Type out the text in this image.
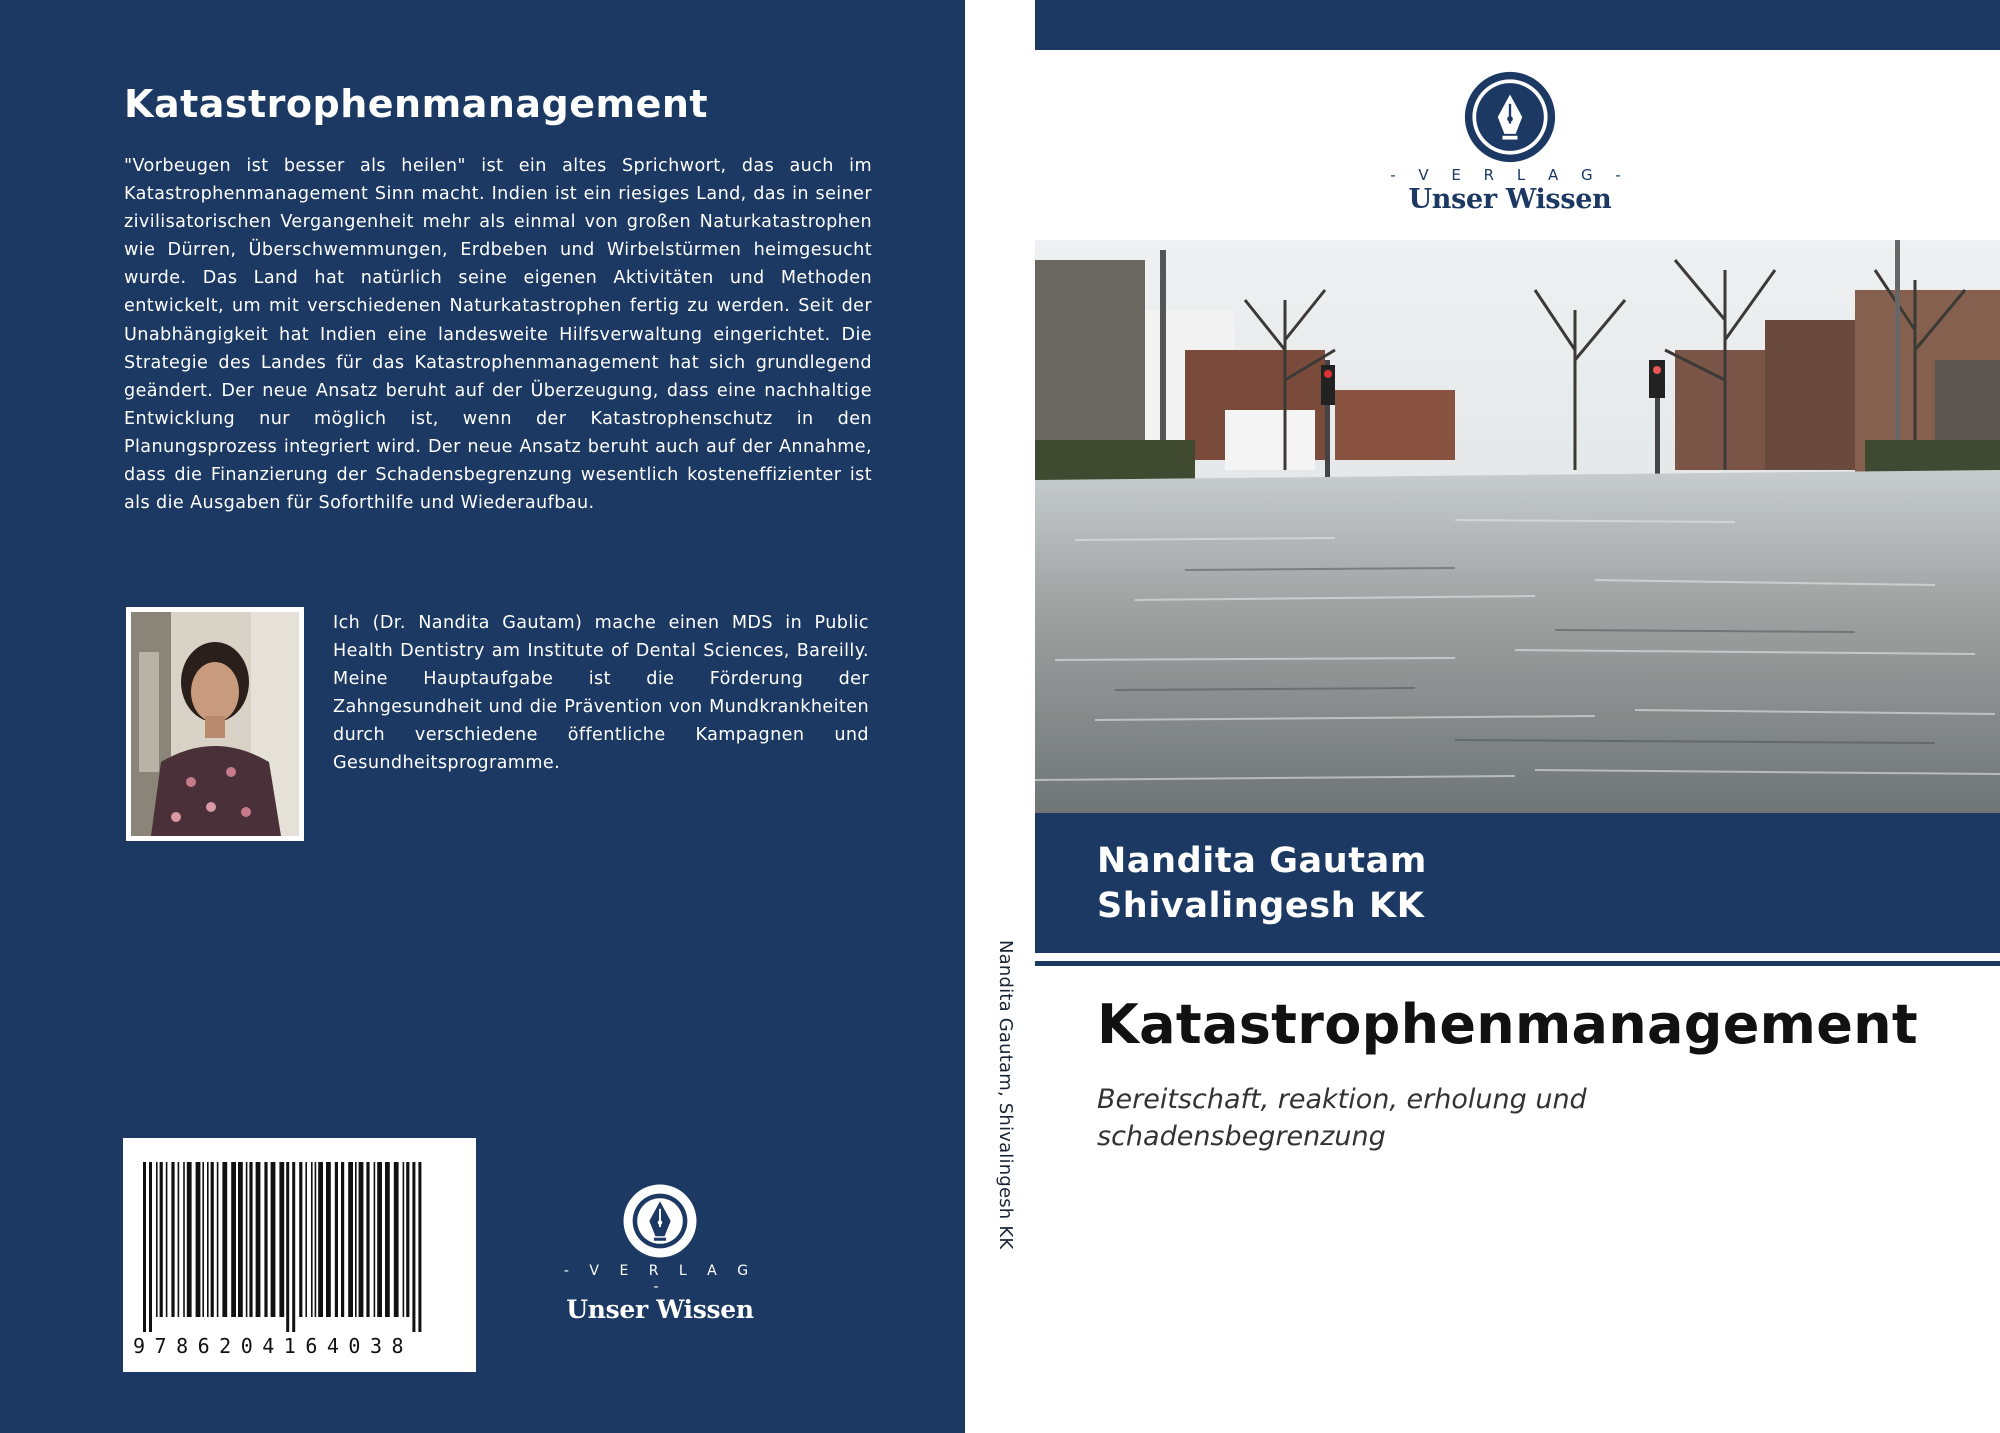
Katastrophenmanagement

"Vorbeugen ist besser als heilen" ist ein altes Sprichwort, das auch im Katastrophenmanagement Sinn macht. Indien ist ein riesiges Land, das in seiner zivilisatorischen Vergangenheit mehr als einmal von großen Naturkatastrophen wie Dürren, Überschwemmungen, Erdbeben und Wirbelstürmen heimgesucht wurde. Das Land hat natürlich seine eigenen Aktivitäten und Methoden entwickelt, um mit verschiedenen Naturkatastrophen fertig zu werden. Seit der Unabhängigkeit hat Indien eine landesweite Hilfsverwaltung eingerichtet. Die Strategie des Landes für das Katastrophenmanagement hat sich grundlegend geändert. Der neue Ansatz beruht auf der Überzeugung, dass eine nachhaltige Entwicklung nur möglich ist, wenn der Katastrophenschutz in den Planungsprozess integriert wird. Der neue Ansatz beruht auch auf der Annahme, dass die Finanzierung der Schadensbegrenzung wesentlich kosteneffizienter ist als die Ausgaben für Soforthilfe und Wiederaufbau.

Ich (Dr. Nandita Gautam) mache einen MDS in Public Health Dentistry am Institute of Dental Sciences, Bareilly. Meine Hauptaufgabe ist die Förderung der Zahngesundheit und die Prävention von Mundkrankheiten durch verschiedene öffentliche Kampagnen und Gesundheitsprogramme.

9786204164038

- V E R L A G -
Unser Wissen

Nandita Gautam, Shivalingesh KK

- V E R L A G -
Unser Wissen

Nandita Gautam

Shivalingesh KK

Katastrophenmanagement

Bereitschaft, reaktion, erholung und schadensbegrenzung
